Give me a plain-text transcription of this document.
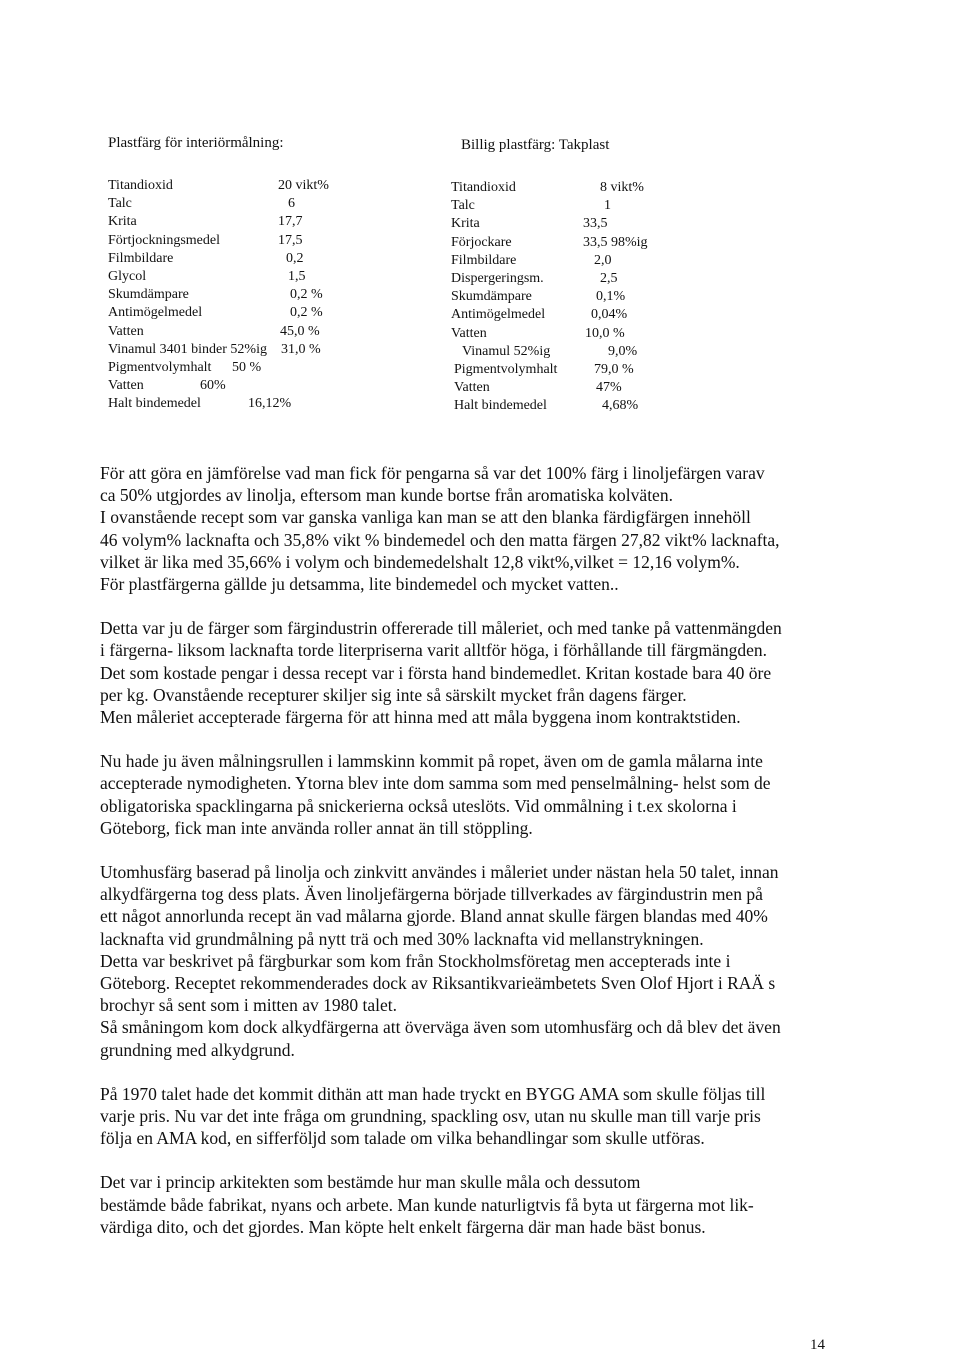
Plastfärg för interiörmålning:
Titandioxid	20 vikt%
Talc	6
Krita	17,7
Förtjockningsmedel	17,5
Filmbildare	0,2
Glycol	1,5
Skumdämpare	0,2 %
Antimögelmedel	0,2 %
Vatten	45,0 %
Vinamul 3401 binder 52%ig 31,0 %
Pigmentvolymhalt 50 %
Vatten	60%
Halt bindemedel	16,12%
Billig plastfärg: Takplast
Titandioxid	8 vikt%
Talc	1
Krita	33,5
Förjockare	33,5 98%ig
Filmbildare	2,0
Dispergeringsm.	2,5
Skumdämpare	0,1%
Antimögelmedel	0,04%
Vatten	10,0 %
Vinamul 52%ig	9,0%
Pigmentvolymhalt	79,0 %
Vatten	47%
Halt bindemedel	4,68%

För att göra en jämförelse vad man fick för pengarna så var det 100% färg i linoljefärgen varav
ca 50% utgjordes av linolja, eftersom man kunde bortse från aromatiska kolväten.
I ovanstående recept som var ganska vanliga kan man se att den blanka färdigfärgen innehöll
46 volym% lacknafta och 35,8% vikt % bindemedel och den matta färgen 27,82 vikt% lacknafta,
vilket är lika med 35,66% i volym och bindemedelshalt 12,8 vikt%,vilket = 12,16 volym%.
För plastfärgerna gällde ju detsamma, lite bindemedel och mycket vatten..

Detta var ju de färger som färgindustrin offererade till måleriet, och med tanke på vattenmängden
i färgerna- liksom lacknafta torde literpriserna varit alltför höga, i förhållande till färgmängden.
Det som kostade pengar i dessa recept var i första hand bindemedlet. Kritan kostade bara 40 öre
per kg. Ovanstående recepturer skiljer sig inte så särskilt mycket från dagens färger.
Men måleriet accepterade färgerna för att hinna med att måla byggena inom kontraktstiden.

Nu hade ju även målningsrullen i lammskinn kommit på ropet, även om de gamla målarna inte
accepterade nymodigheten. Ytorna blev inte dom samma som med penselmålning- helst som de
obligatoriska spacklingarna på snickerierna också uteslöts. Vid ommålning i t.ex skolorna i
Göteborg, fick man inte använda roller annat än till stöppling.

Utomhusfärg baserad på linolja och zinkvitt användes i måleriet under nästan hela 50 talet, innan
alkydfärgerna tog dess plats. Även linoljefärgerna började tillverkades av färgindustrin men på
ett något annorlunda recept än vad målarna gjorde. Bland annat skulle färgen blandas med 40%
lacknafta vid grundmålning på nytt trä och med 30% lacknafta vid mellanstrykningen.
Detta var beskrivet på färgburkar som kom från Stockholmsföretag men accepterads inte i
Göteborg. Receptet rekommenderades dock av Riksantikvarieämbetets Sven Olof Hjort i RAÄ s
brochyr så sent som i mitten av 1980 talet.
Så småningom kom dock alkydfärgerna att överväga även som utomhusfärg och då blev det även
grundning med alkydgrund.

På 1970 talet hade det kommit dithän att man hade tryckt en BYGG AMA som skulle följas till
varje pris. Nu var det inte fråga om grundning, spackling osv, utan nu skulle man till varje pris
följa en AMA kod, en sifferföljd som talade om vilka behandlingar som skulle utföras.

Det var i princip arkitekten som bestämde hur man skulle måla och dessutom
bestämde både fabrikat, nyans och arbete. Man kunde naturligtvis få byta ut färgerna mot lik-
värdiga dito, och det gjordes. Man köpte helt enkelt färgerna där man hade bäst bonus.

14
